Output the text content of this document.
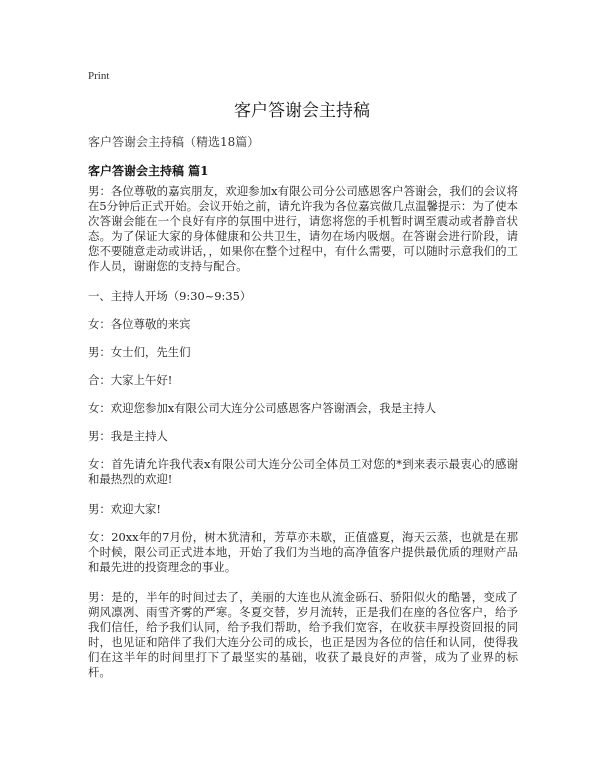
Print
客户答谢会主持稿
客户答谢会主持稿（精选18篇）
客户答谢会主持稿 篇1

男：各位尊敬的嘉宾朋友，欢迎参加x有限公司分公司感恩客户答谢会，我们的会议将在5分钟后正式开始。会议开始之前，请允许我为各位嘉宾做几点温馨提示：为了使本次答谢会能在一个良好有序的氛围中进行，请您将您的手机暂时调至震动或者静音状态。为了保证大家的身体健康和公共卫生，请勿在场内吸烟。在答谢会进行阶段，请您不要随意走动或讲话，，如果你在整个过程中，有什么需要，可以随时示意我们的工作人员，谢谢您的支持与配合。

一、主持人开场（9:30~9:35）

女：各位尊敬的来宾

男：女士们，先生们

合：大家上午好!

女：欢迎您参加x有限公司大连分公司感恩客户答谢酒会，我是主持人

男：我是主持人

女：首先请允许我代表x有限公司大连分公司全体员工对您的*到来表示最衷心的感谢和最热烈的欢迎!

男：欢迎大家!

女：20xx年的7月份，树木犹清和，芳草亦未歇，正值盛夏，海天云蒸，也就是在那个时候，限公司正式进本地，开始了我们为当地的高净值客户提供最优质的理财产品和最先进的投资理念的事业。

男：是的，半年的时间过去了，美丽的大连也从流金砾石、骄阳似火的酷暑，变成了朔风凛冽、雨雪齐雾的严寒。冬夏交替，岁月流转，正是我们在座的各位客户，给予我们信任，给予我们认同，给予我们帮助，给予我们宽容，在收获丰厚投资回报的同时，也见证和陪伴了我们大连分公司的成长，也正是因为各位的信任和认同，使得我们在这半年的时间里打下了最坚实的基础，收获了最良好的声誉，成为了业界的标杆。
